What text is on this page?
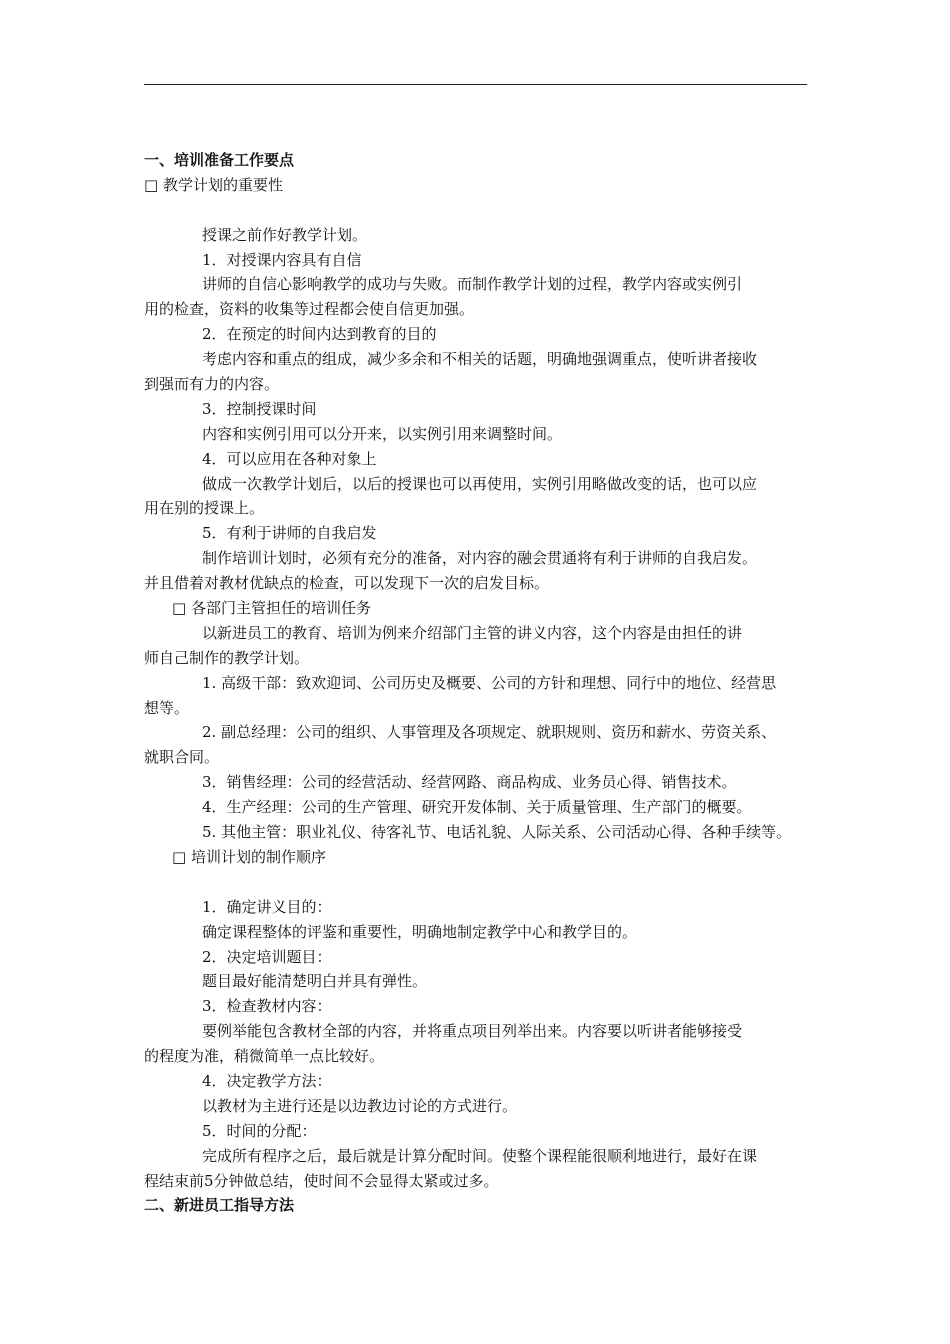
一、培训准备工作要点
□ 教学计划的重要性
授课之前作好教学计划。
1．对授课内容具有自信
讲师的自信心影响教学的成功与失败。而制作教学计划的过程，教学内容或实例引
用的检查，资料的收集等过程都会使自信更加强。
2．在预定的时间内达到教育的目的
考虑内容和重点的组成，减少多余和不相关的话题，明确地强调重点，使听讲者接收
到强而有力的内容。
3．控制授课时间
内容和实例引用可以分开来，以实例引用来调整时间。
4．可以应用在各种对象上
做成一次教学计划后，以后的授课也可以再使用，实例引用略做改变的话，也可以应
用在别的授课上。
5．有利于讲师的自我启发
制作培训计划时，必须有充分的准备，对内容的融会贯通将有利于讲师的自我启发。
并且借着对教材优缺点的检查，可以发现下一次的启发目标。
□ 各部门主管担任的培训任务
以新进员工的教育、培训为例来介绍部门主管的讲义内容，这个内容是由担任的讲
师自己制作的教学计划。
1. 高级干部：致欢迎词、公司历史及概要、公司的方针和理想、同行中的地位、经营思
想等。
2. 副总经理：公司的组织、人事管理及各项规定、就职规则、资历和薪水、劳资关系、
就职合同。
3．销售经理：公司的经营活动、经营网路、商品构成、业务员心得、销售技术。
4．生产经理：公司的生产管理、研究开发体制、关于质量管理、生产部门的概要。
5. 其他主管：职业礼仪、待客礼节、电话礼貌、人际关系、公司活动心得、各种手续等。
□ 培训计划的制作顺序
1．确定讲义目的：
确定课程整体的评鉴和重要性，明确地制定教学中心和教学目的。
2．决定培训题目：
题目最好能清楚明白并具有弹性。
3．检查教材内容：
要例举能包含教材全部的内容，并将重点项目列举出来。内容要以听讲者能够接受
的程度为准，稍微简单一点比较好。
4．决定教学方法：
以教材为主进行还是以边教边讨论的方式进行。
5．时间的分配：
完成所有程序之后，最后就是计算分配时间。使整个课程能很顺利地进行，最好在课
程结束前5分钟做总结，使时间不会显得太紧或过多。
二、新进员工指导方法
